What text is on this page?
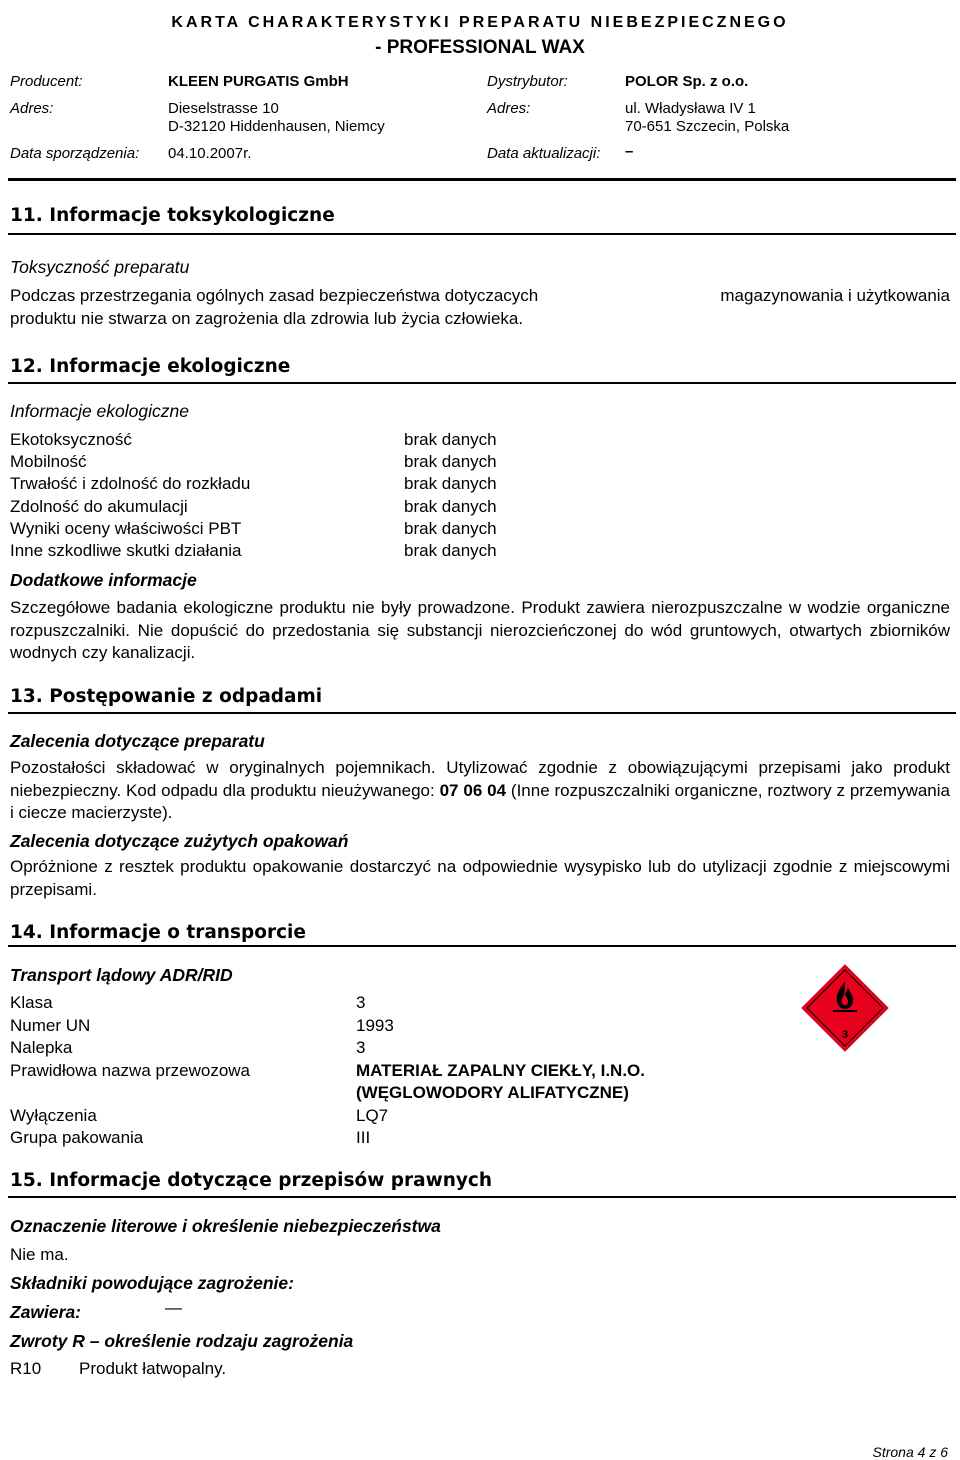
KARTA CHARAKTERYSTYKI PREPARATU NIEBEZPIECZNEGO
- PROFESSIONAL WAX
Producent:	KLEEN PURGATIS GmbH	Dystrybutor:	POLOR Sp. z o.o.
Adres:	Dieselstrasse 10
D-32120 Hiddenhausen, Niemcy
Adres:	ul. Władysława IV 1
70-651 Szczecin, Polska
Data sporządzenia: 04.10.2007r.	Data aktualizacji: –
11. Informacje toksykologiczne
Toksyczność preparatu
Podczas przestrzegania ogólnych zasad bezpieczeństwa dotyczacych	magazynowania i użytkowania
produktu nie stwarza on zagrożenia dla zdrowia lub życia człowieka.
12. Informacje ekologiczne
Informacje ekologiczne
Ekotoksyczność	brak danych
Mobilność	brak danych
Trwałość i zdolność do rozkładu	brak danych
Zdolność do akumulacji	brak danych
Wyniki oceny właściwości PBT	brak danych
Inne szkodliwe skutki działania	brak danych
Dodatkowe informacje
Szczegółowe badania ekologiczne produktu nie były prowadzone. Produkt zawiera nierozpuszczalne w wodzie organiczne rozpuszczalniki. Nie dopuścić do przedostania się substancji nierozcieńczonej do wód gruntowych, otwartych zbiorników wodnych czy kanalizacji.
13. Postępowanie z odpadami
Zalecenia dotyczące preparatu
Pozostałości składować w oryginalnych pojemnikach. Utylizować zgodnie z obowiązującymi przepisami jako produkt niebezpieczny. Kod odpadu dla produktu nieużywanego: 07 06 04 (Inne rozpuszczalniki organiczne, roztwory z przemywania i ciecze macierzyste).
Zalecenia dotyczące zużytych opakowań
Opróżnione z resztek produktu opakowanie dostarczyć na odpowiednie wysypisko lub do utylizacji zgodnie z miejscowymi przepisami.
14. Informacje o transporcie
Transport lądowy ADR/RID
Klasa	3
Numer UN	1993
Nalepka	3
Prawidłowa nazwa przewozowa	MATERIAŁ ZAPALNY CIEKŁY, I.N.O.
(WĘGLOWODORY ALIFATYCZNE)
Wyłączenia	LQ7
Grupa pakowania	III
3
15. Informacje dotyczące przepisów prawnych
Oznaczenie literowe i określenie niebezpieczeństwa
Nie ma.
Składniki powodujące zagrożenie:
Zawiera:	—
Zwroty R – określenie rodzaju zagrożenia
R10 Produkt łatwopalny.
Strona 4 z 6
